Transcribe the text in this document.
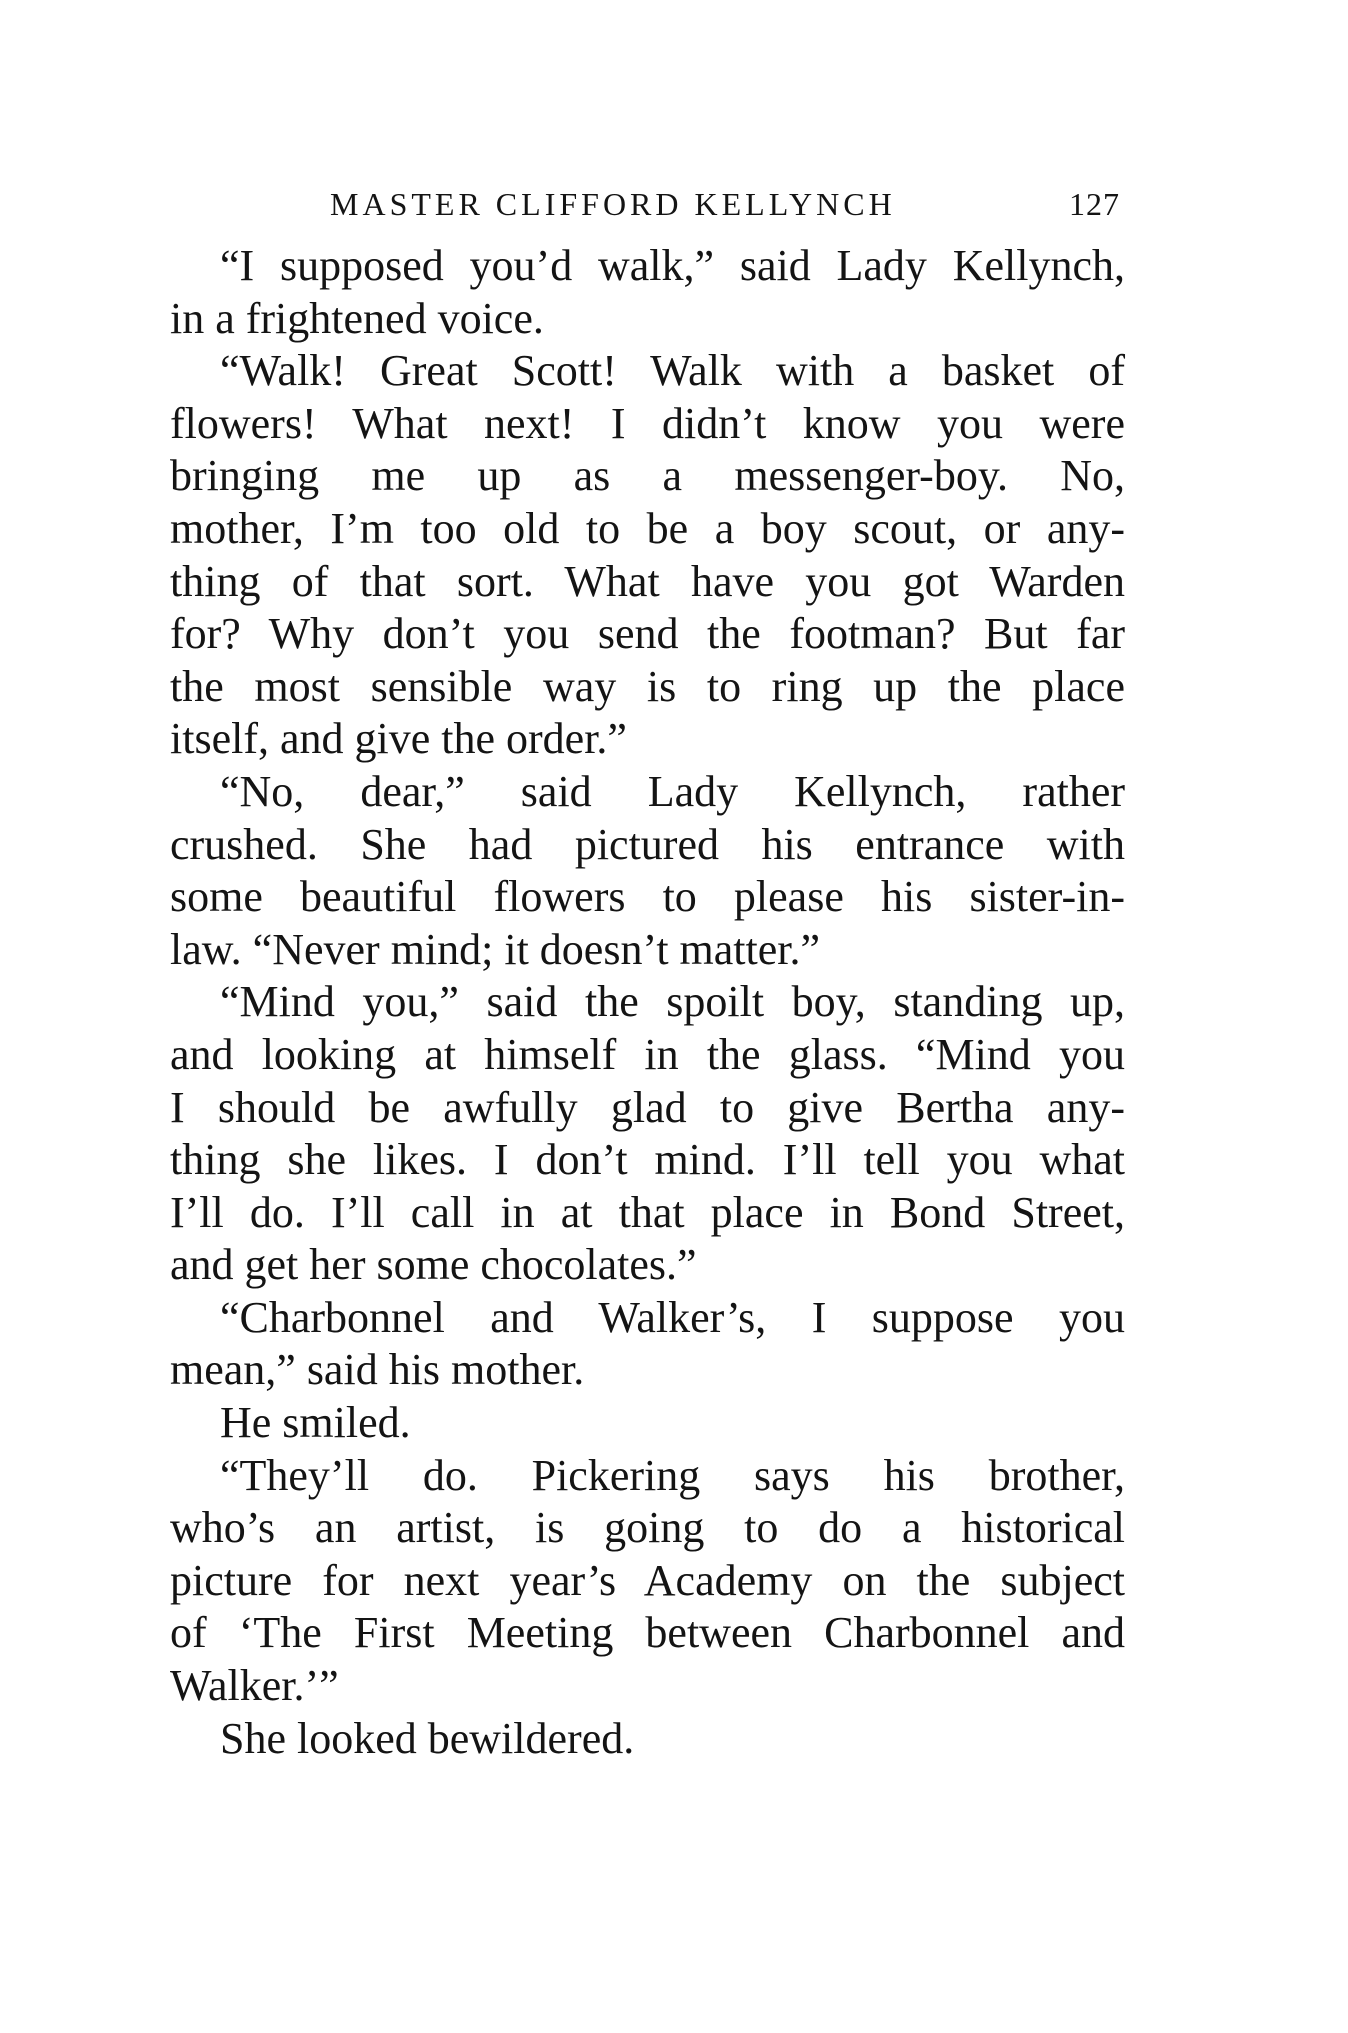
MASTER CLIFFORD KELLYNCH	127
“I supposed you’d walk,” said Lady Kellynch,
in a frightened voice.
“Walk! Great Scott! Walk with a basket of
flowers! What next! I didn’t know you were
bringing me up as a messenger-boy. No,
mother, I’m too old to be a boy scout, or any-
thing of that sort. What have you got Warden
for? Why don’t you send the footman? But far
the most sensible way is to ring up the place
itself, and give the order.”
“No, dear,” said Lady Kellynch, rather
crushed. She had pictured his entrance with
some beautiful flowers to please his sister-in-
law. “Never mind; it doesn’t matter.”
“Mind you,” said the spoilt boy, standing up,
and looking at himself in the glass. “Mind you
I should be awfully glad to give Bertha any-
thing she likes. I don’t mind. I’ll tell you what
I’ll do. I’ll call in at that place in Bond Street,
and get her some chocolates.”
“Charbonnel and Walker’s, I suppose you
mean,” said his mother.
He smiled.
“They’ll do. Pickering says his brother,
who’s an artist, is going to do a historical
picture for next year’s Academy on the subject
of ‘The First Meeting between Charbonnel and
Walker.’”
She looked bewildered.
